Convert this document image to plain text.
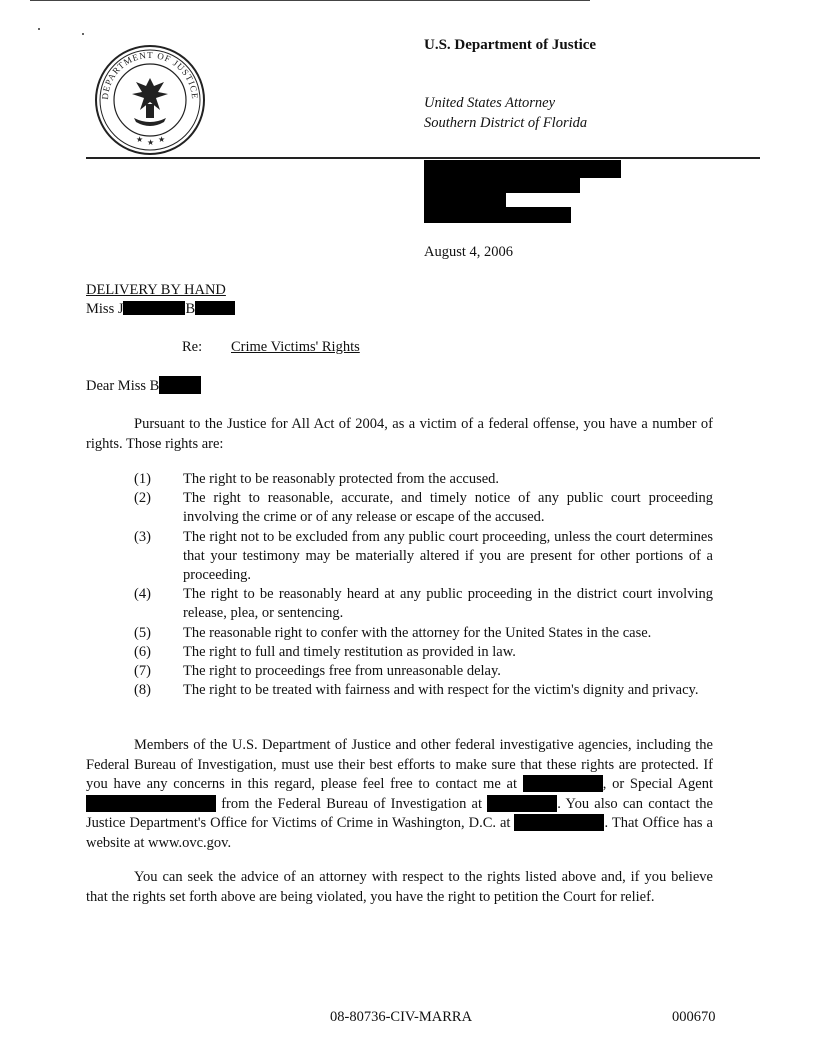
DEPARTMENT OF JUSTICE
★ ★ ★
U.S. Department of Justice
United States Attorney
Southern District of Florida
August 4, 2006
DELIVERY BY HAND
Miss J	B
Re: Crime Victims' Rights
Dear Miss B

Pursuant to the Justice for All Act of 2004, as a victim of a federal offense, you have a number of rights. Those rights are:

(1)	The right to be reasonably protected from the accused.
(2)	The right to reasonable, accurate, and timely notice of any public court proceeding involving the crime or of any release or escape of the accused.
(3)	The right not to be excluded from any public court proceeding, unless the court determines that your testimony may be materially altered if you are present for other portions of a proceeding.
(4)	The right to be reasonably heard at any public proceeding in the district court involving release, plea, or sentencing.
(5)	The reasonable right to confer with the attorney for the United States in the case.
(6)	The right to full and timely restitution as provided in law.
(7)	The right to proceedings free from unreasonable delay.
(8)	The right to be treated with fairness and with respect for the victim's dignity and privacy.

Members of the U.S. Department of Justice and other federal investigative agencies, including the Federal Bureau of Investigation, must use their best efforts to make sure that these rights are protected. If you have any concerns in this regard, please feel free to contact me at	, or Special Agent  from the Federal Bureau of Investigation at	. You also can contact the Justice Department's Office for Victims of Crime in Washington, D.C. at	. That Office has a website at www.ovc.gov.

You can seek the advice of an attorney with respect to the rights listed above and, if you believe that the rights set forth above are being violated, you have the right to petition the Court for relief.

08-80736-CIV-MARRA	000670
